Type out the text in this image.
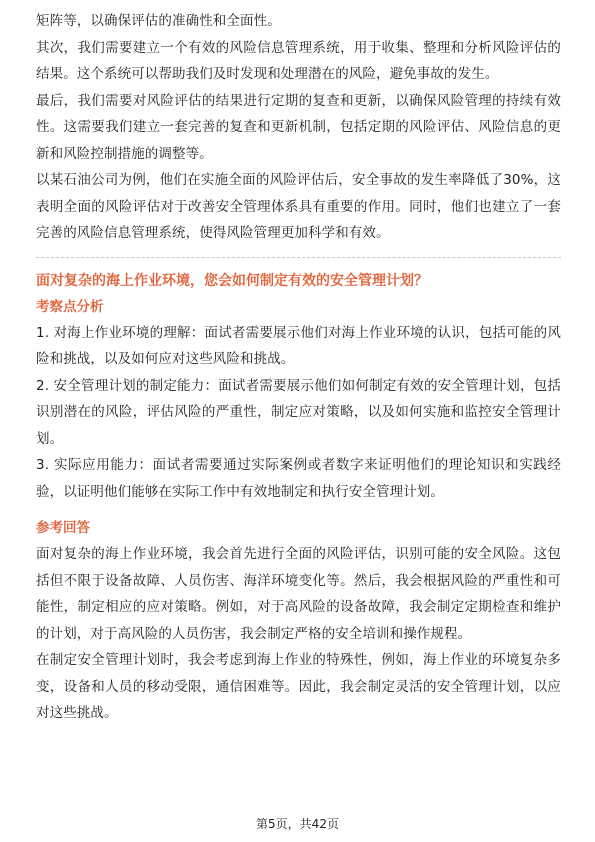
矩阵等，以确保评估的准确性和全面性。

其次，我们需要建立一个有效的风险信息管理系统，用于收集、整理和分析风险评估的结果。这个系统可以帮助我们及时发现和处理潜在的风险，避免事故的发生。

最后，我们需要对风险评估的结果进行定期的复查和更新，以确保风险管理的持续有效性。这需要我们建立一套完善的复查和更新机制，包括定期的风险评估、风险信息的更新和风险控制措施的调整等。

以某石油公司为例，他们在实施全面的风险评估后，安全事故的发生率降低了30%，这表明全面的风险评估对于改善安全管理体系具有重要的作用。同时，他们也建立了一套完善的风险信息管理系统，使得风险管理更加科学和有效。

面对复杂的海上作业环境，您会如何制定有效的安全管理计划？
考察点分析

1. 对海上作业环境的理解：面试者需要展示他们对海上作业环境的认识，包括可能的风险和挑战，以及如何应对这些风险和挑战。

2. 安全管理计划的制定能力：面试者需要展示他们如何制定有效的安全管理计划，包括识别潜在的风险，评估风险的严重性，制定应对策略，以及如何实施和监控安全管理计划。

3. 实际应用能力：面试者需要通过实际案例或者数字来证明他们的理论知识和实践经验，以证明他们能够在实际工作中有效地制定和执行安全管理计划。

参考回答

面对复杂的海上作业环境，我会首先进行全面的风险评估，识别可能的安全风险。这包括但不限于设备故障、人员伤害、海洋环境变化等。然后，我会根据风险的严重性和可能性，制定相应的应对策略。例如，对于高风险的设备故障，我会制定定期检查和维护的计划，对于高风险的人员伤害，我会制定严格的安全培训和操作规程。

在制定安全管理计划时，我会考虑到海上作业的特殊性，例如，海上作业的环境复杂多变，设备和人员的移动受限，通信困难等。因此，我会制定灵活的安全管理计划，以应对这些挑战。

第5页，共42页
